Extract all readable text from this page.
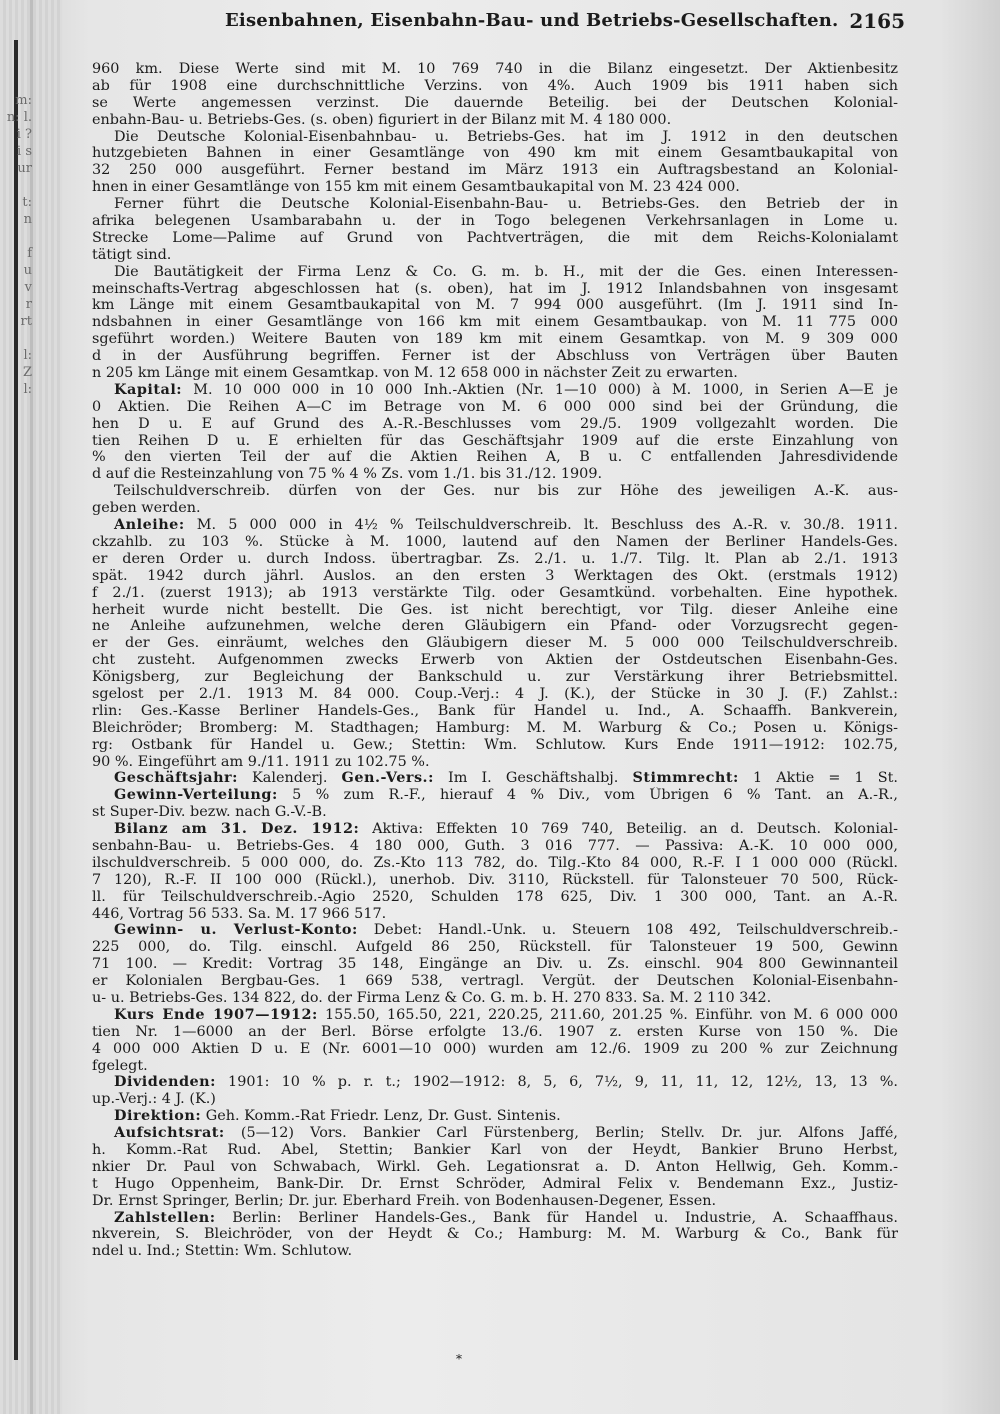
m:
n: l.
i ?
i s
ur
t:
n
f
u
v
r
rt
l:
Z
l:
Eisenbahnen, Eisenbahn-Bau- und Betriebs-Gesellschaften. 2165
960 km. Diese Werte sind mit M. 10 769 740 in die Bilanz eingesetzt. Der Aktienbesitz
ab für 1908 eine durchschnittliche Verzins. von 4%. Auch 1909 bis 1911 haben sich
se Werte angemessen verzinst. Die dauernde Beteilig. bei der Deutschen Kolonial-
enbahn-Bau- u. Betriebs-Ges. (s. oben) figuriert in der Bilanz mit M. 4 180 000.
Die Deutsche Kolonial-Eisenbahnbau- u. Betriebs-Ges. hat im J. 1912 in den deutschen
hutzgebieten Bahnen in einer Gesamtlänge von 490 km mit einem Gesamtbaukapital von
32 250 000 ausgeführt. Ferner bestand im März 1913 ein Auftragsbestand an Kolonial-
hnen in einer Gesamtlänge von 155 km mit einem Gesamtbaukapital von M. 23 424 000.
Ferner führt die Deutsche Kolonial-Eisenbahn-Bau- u. Betriebs-Ges. den Betrieb der in
afrika belegenen Usambarabahn u. der in Togo belegenen Verkehrsanlagen in Lome u.
Strecke Lome—Palime auf Grund von Pachtverträgen, die mit dem Reichs-Kolonialamt
tätigt sind.
Die Bautätigkeit der Firma Lenz & Co. G. m. b. H., mit der die Ges. einen Interessen-
meinschafts-Vertrag abgeschlossen hat (s. oben), hat im J. 1912 Inlandsbahnen von insgesamt
km Länge mit einem Gesamtbaukapital von M. 7 994 000 ausgeführt. (Im J. 1911 sind In-
ndsbahnen in einer Gesamtlänge von 166 km mit einem Gesamtbaukap. von M. 11 775 000
sgeführt worden.) Weitere Bauten von 189 km mit einem Gesamtkap. von M. 9 309 000
d in der Ausführung begriffen. Ferner ist der Abschluss von Verträgen über Bauten
n 205 km Länge mit einem Gesamtkap. von M. 12 658 000 in nächster Zeit zu erwarten.
Kapital: M. 10 000 000 in 10 000 Inh.-Aktien (Nr. 1—10 000) à M. 1000, in Serien A—E je
0 Aktien. Die Reihen A—C im Betrage von M. 6 000 000 sind bei der Gründung, die
hen D u. E auf Grund des A.-R.-Beschlusses vom 29./5. 1909 vollgezahlt worden. Die
tien Reihen D u. E erhielten für das Geschäftsjahr 1909 auf die erste Einzahlung von
% den vierten Teil der auf die Aktien Reihen A, B u. C entfallenden Jahresdividende
d auf die Resteinzahlung von 75 % 4 % Zs. vom 1./1. bis 31./12. 1909.
Teilschuldverschreib. dürfen von der Ges. nur bis zur Höhe des jeweiligen A.-K. aus-
geben werden.
Anleihe: M. 5 000 000 in 4½ % Teilschuldverschreib. lt. Beschluss des A.-R. v. 30./8. 1911.
ckzahlb. zu 103 %. Stücke à M. 1000, lautend auf den Namen der Berliner Handels-Ges.
er deren Order u. durch Indoss. übertragbar. Zs. 2./1. u. 1./7. Tilg. lt. Plan ab 2./1. 1913
spät. 1942 durch jährl. Auslos. an den ersten 3 Werktagen des Okt. (erstmals 1912)
f 2./1. (zuerst 1913); ab 1913 verstärkte Tilg. oder Gesamtkünd. vorbehalten. Eine hypothek.
herheit wurde nicht bestellt. Die Ges. ist nicht berechtigt, vor Tilg. dieser Anleihe eine
ne Anleihe aufzunehmen, welche deren Gläubigern ein Pfand- oder Vorzugsrecht gegen-
er der Ges. einräumt, welches den Gläubigern dieser M. 5 000 000 Teilschuldverschreib.
cht zusteht. Aufgenommen zwecks Erwerb von Aktien der Ostdeutschen Eisenbahn-Ges.
Königsberg, zur Begleichung der Bankschuld u. zur Verstärkung ihrer Betriebsmittel.
sgelost per 2./1. 1913 M. 84 000. Coup.-Verj.: 4 J. (K.), der Stücke in 30 J. (F.) Zahlst.:
rlin: Ges.-Kasse Berliner Handels-Ges., Bank für Handel u. Ind., A. Schaaffh. Bankverein,
Bleichröder; Bromberg: M. Stadthagen; Hamburg: M. M. Warburg & Co.; Posen u. Königs-
rg: Ostbank für Handel u. Gew.; Stettin: Wm. Schlutow. Kurs Ende 1911—1912: 102.75,
90 %. Eingeführt am 9./11. 1911 zu 102.75 %.
Geschäftsjahr: Kalenderj. Gen.-Vers.: Im I. Geschäftshalbj. Stimmrecht: 1 Aktie = 1 St.
Gewinn-Verteilung: 5 % zum R.-F., hierauf 4 % Div., vom Übrigen 6 % Tant. an A.-R.,
st Super-Div. bezw. nach G.-V.-B.
Bilanz am 31. Dez. 1912: Aktiva: Effekten 10 769 740, Beteilig. an d. Deutsch. Kolonial-
senbahn-Bau- u. Betriebs-Ges. 4 180 000, Guth. 3 016 777. — Passiva: A.-K. 10 000 000,
ilschuldverschreib. 5 000 000, do. Zs.-Kto 113 782, do. Tilg.-Kto 84 000, R.-F. I 1 000 000 (Rückl.
7 120), R.-F. II 100 000 (Rückl.), unerhob. Div. 3110, Rückstell. für Talonsteuer 70 500, Rück-
ll. für Teilschuldverschreib.-Agio 2520, Schulden 178 625, Div. 1 300 000, Tant. an A.-R.
446, Vortrag 56 533. Sa. M. 17 966 517.
Gewinn- u. Verlust-Konto: Debet: Handl.-Unk. u. Steuern 108 492, Teilschuldverschreib.-
225 000, do. Tilg. einschl. Aufgeld 86 250, Rückstell. für Talonsteuer 19 500, Gewinn
71 100. — Kredit: Vortrag 35 148, Eingänge an Div. u. Zs. einschl. 904 800 Gewinnanteil
er Kolonialen Bergbau-Ges. 1 669 538, vertragl. Vergüt. der Deutschen Kolonial-Eisenbahn-
u- u. Betriebs-Ges. 134 822, do. der Firma Lenz & Co. G. m. b. H. 270 833. Sa. M. 2 110 342.
Kurs Ende 1907—1912: 155.50, 165.50, 221, 220.25, 211.60, 201.25 %. Einführ. von M. 6 000 000
tien Nr. 1—6000 an der Berl. Börse erfolgte 13./6. 1907 z. ersten Kurse von 150 %. Die
4 000 000 Aktien D u. E (Nr. 6001—10 000) wurden am 12./6. 1909 zu 200 % zur Zeichnung
fgelegt.
Dividenden: 1901: 10 % p. r. t.; 1902—1912: 8, 5, 6, 7½, 9, 11, 11, 12, 12½, 13, 13 %.
up.-Verj.: 4 J. (K.)
Direktion: Geh. Komm.-Rat Friedr. Lenz, Dr. Gust. Sintenis.
Aufsichtsrat: (5—12) Vors. Bankier Carl Fürstenberg, Berlin; Stellv. Dr. jur. Alfons Jaffé,
h. Komm.-Rat Rud. Abel, Stettin; Bankier Karl von der Heydt, Bankier Bruno Herbst,
nkier Dr. Paul von Schwabach, Wirkl. Geh. Legationsrat a. D. Anton Hellwig, Geh. Komm.-
t Hugo Oppenheim, Bank-Dir. Dr. Ernst Schröder, Admiral Felix v. Bendemann Exz., Justiz-
Dr. Ernst Springer, Berlin; Dr. jur. Eberhard Freih. von Bodenhausen-Degener, Essen.
Zahlstellen: Berlin: Berliner Handels-Ges., Bank für Handel u. Industrie, A. Schaaffhaus.
nkverein, S. Bleichröder, von der Heydt & Co.; Hamburg: M. M. Warburg & Co., Bank für
ndel u. Ind.; Stettin: Wm. Schlutow.
*
